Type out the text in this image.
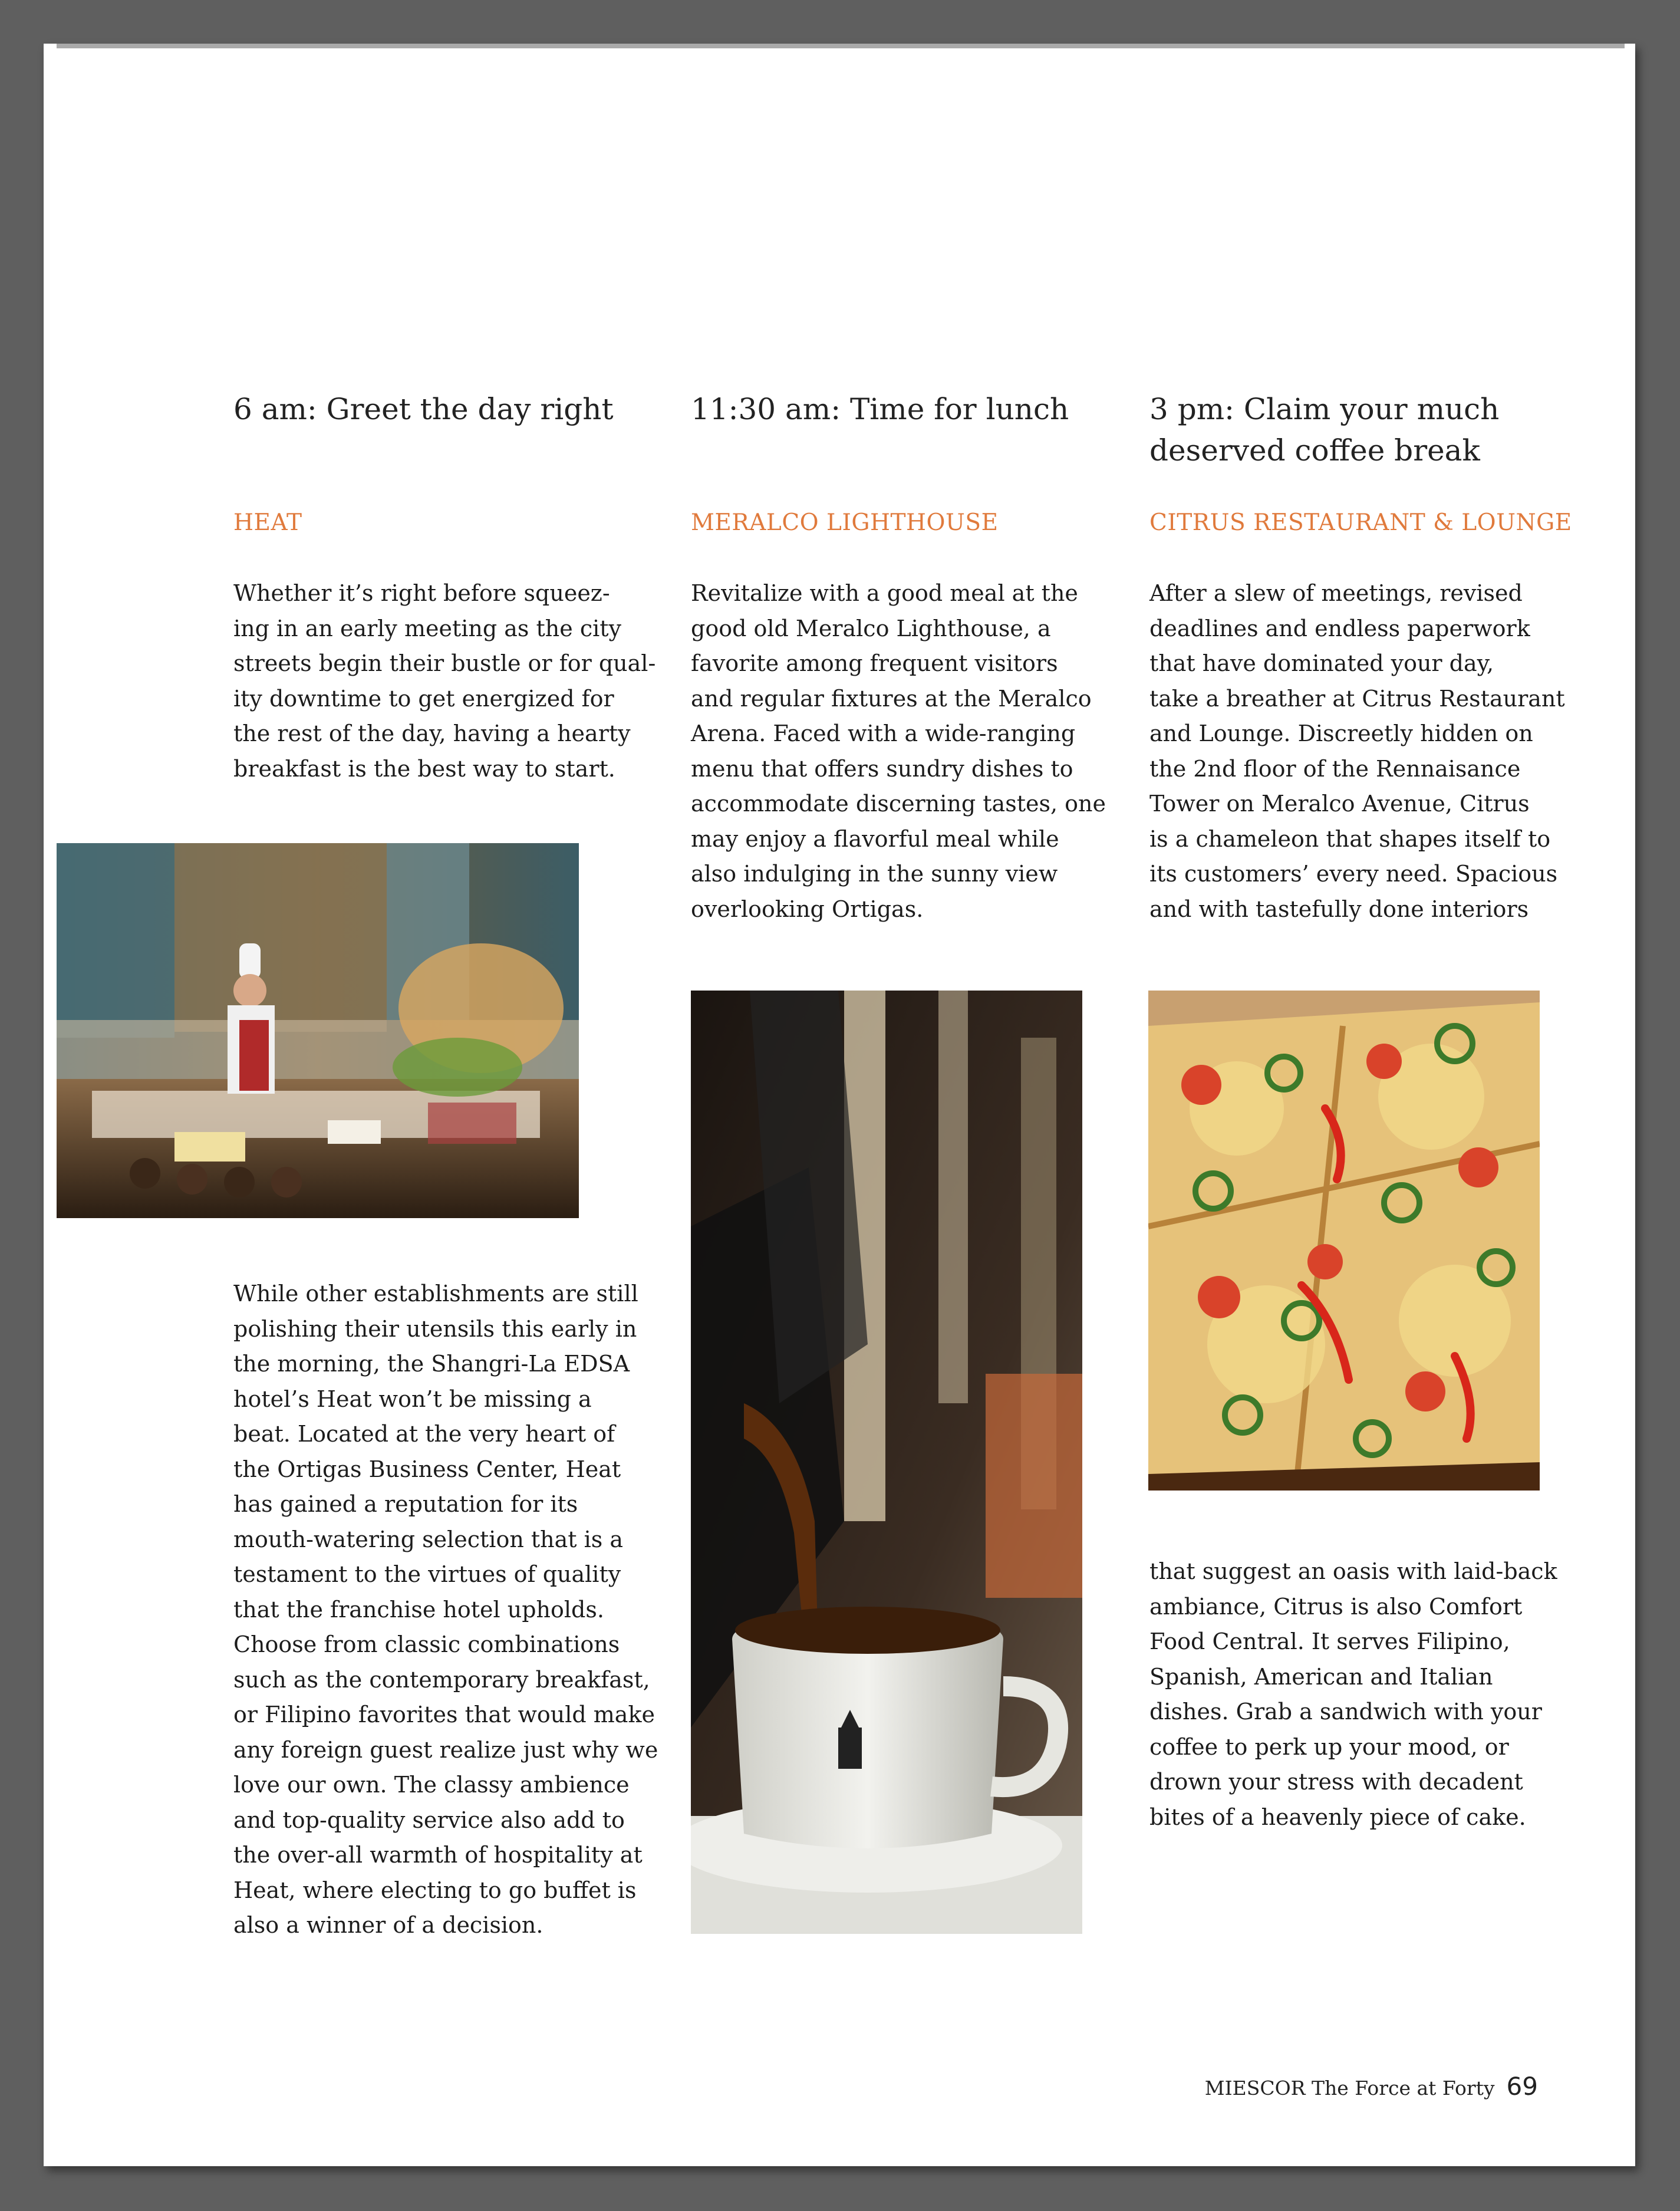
6 am: Greet the day right
HEAT
Whether it’s right before squeez-
ing in an early meeting as the city
streets begin their bustle or for qual-
ity downtime to get energized for
the rest of the day, having a hearty
breakfast is the best way to start.
While other establishments are still
polishing their utensils this early in
the morning, the Shangri-La EDSA
hotel’s Heat won’t be missing a
beat. Located at the very heart of
the Ortigas Business Center, Heat
has gained a reputation for its
mouth-watering selection that is a
testament to the virtues of quality
that the franchise hotel upholds.
Choose from classic combinations
such as the contemporary breakfast,
or Filipino favorites that would make
any foreign guest realize just why we
love our own. The classy ambience
and top-quality service also add to
the over-all warmth of hospitality at
Heat, where electing to go buffet is
also a winner of a decision.
11:30 am: Time for lunch
MERALCO LIGHTHOUSE
Revitalize with a good meal at the
good old Meralco Lighthouse, a
favorite among frequent visitors
and regular fixtures at the Meralco
Arena. Faced with a wide-ranging
menu that offers sundry dishes to
accommodate discerning tastes, one
may enjoy a flavorful meal while
also indulging in the sunny view
overlooking Ortigas.
3 pm: Claim your much
deserved coffee break
CITRUS RESTAURANT & LOUNGE
After a slew of meetings, revised
deadlines and endless paperwork
that have dominated your day,
take a breather at Citrus Restaurant
and Lounge. Discreetly hidden on
the 2nd floor of the Rennaisance
Tower on Meralco Avenue, Citrus
is a chameleon that shapes itself to
its customers’ every need. Spacious
and with tastefully done interiors
that suggest an oasis with laid-back
ambiance, Citrus is also Comfort
Food Central. It serves Filipino,
Spanish, American and Italian
dishes. Grab a sandwich with your
coffee to perk up your mood, or
drown your stress with decadent
bites of a heavenly piece of cake.
MIESCOR The Force at Forty 69
